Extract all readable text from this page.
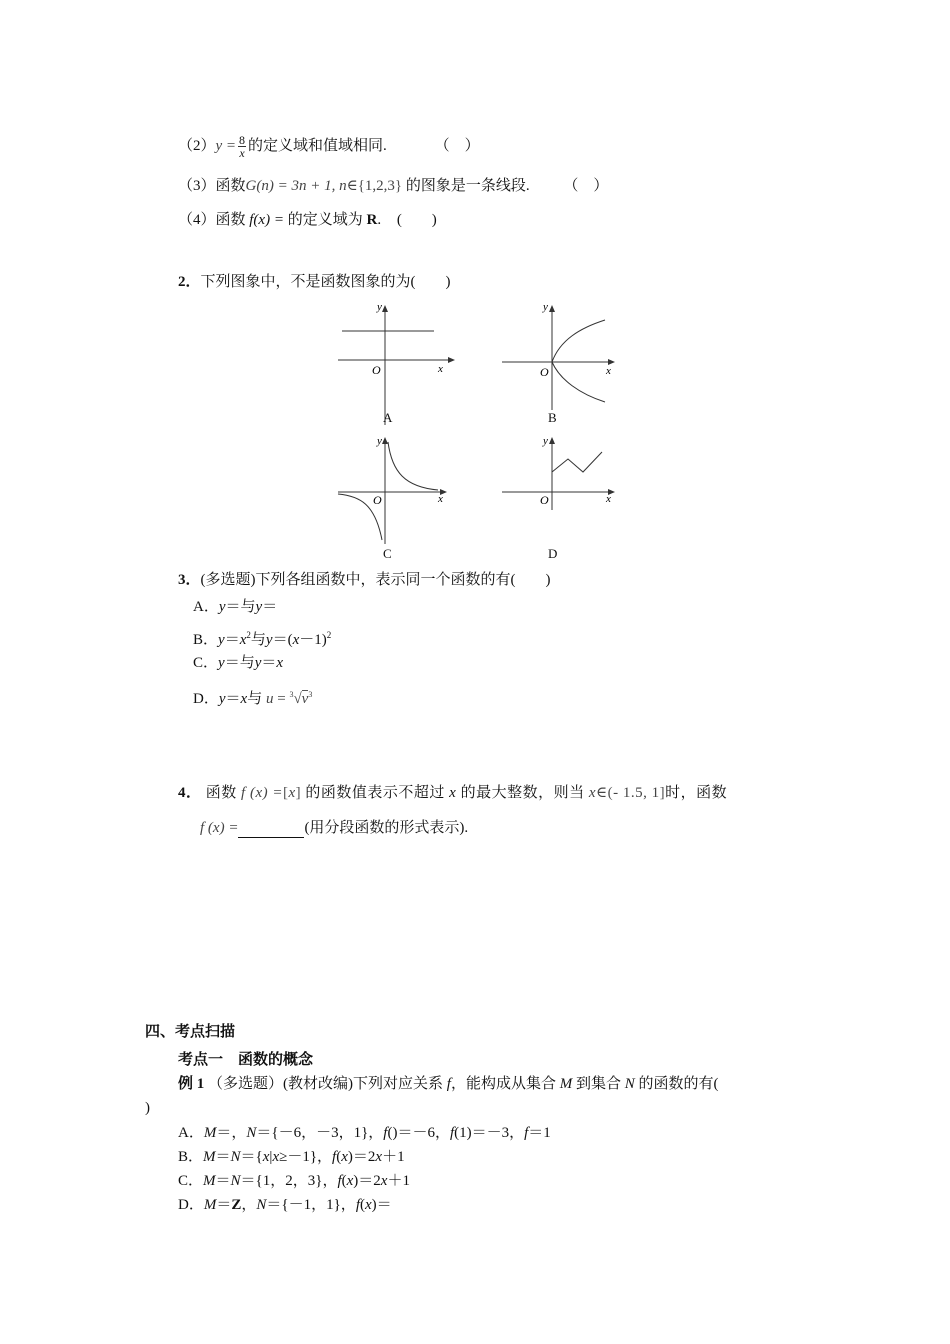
$(2)y = \frac{8}{x}$ 的定义域和值域相同.	（　）
（3）函数G(n) = 3n + 1, n∈{1,2,3} 的图象是一条线段. （　）
（4）函数 f(x) = 的定义域为 R. (　　)
2．下列图象中，不是函数图象的为(　　)
y
x
O
A
y
x
O
B
y
x
O
C
y
x
O
D
3．(多选题)下列各组函数中，表示同一个函数的有(　　)
A．y＝与y＝
B．$y=x^2$与$y=(x-1)^2$
C．y＝与y＝x
D．y＝x与 $u = ^3√v^3$
4． 函数 f (x) =[x] 的函数值表示不超过 x 的最大整数，则当 x∈(- 1.5, 1]时，函数
f (x) =	(用分段函数的形式表示).
四、考点扫描
考点一　函数的概念
例 1 （多选题）(教材改编)下列对应关系 f，能构成从集合 M 到集合 N 的函数的有(
)
A．M＝，N＝{－6，－3，1}，f()＝－6，f(1)＝－3，f＝1
B．M＝N＝{x|x≥－1}，f(x)＝2x＋1
C．M＝N＝{1，2，3}，f(x)＝2x＋1
D．M＝Z，N＝{－1，1}，f(x)＝
